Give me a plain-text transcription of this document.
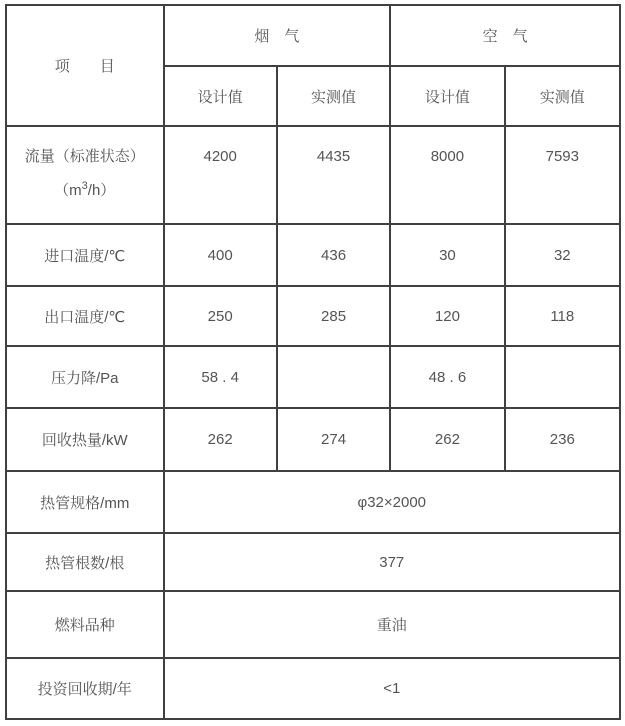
项　　目	烟　气		空　气	
	设计值	实测值	设计值	实测值

流量（标准状态）
$(m^3/h)$	4200	4435	8000	7593
进口温度/℃	400	436	30	32
出口温度/℃	250	285	120	118
压力降/Pa	58 . 4		48 . 6	
回收热量/kW	262	274	262	236
热管规格/mm	φ32×2000			
热管根数/根	377			
燃料品种	重油			
投资回收期/年	<1			
